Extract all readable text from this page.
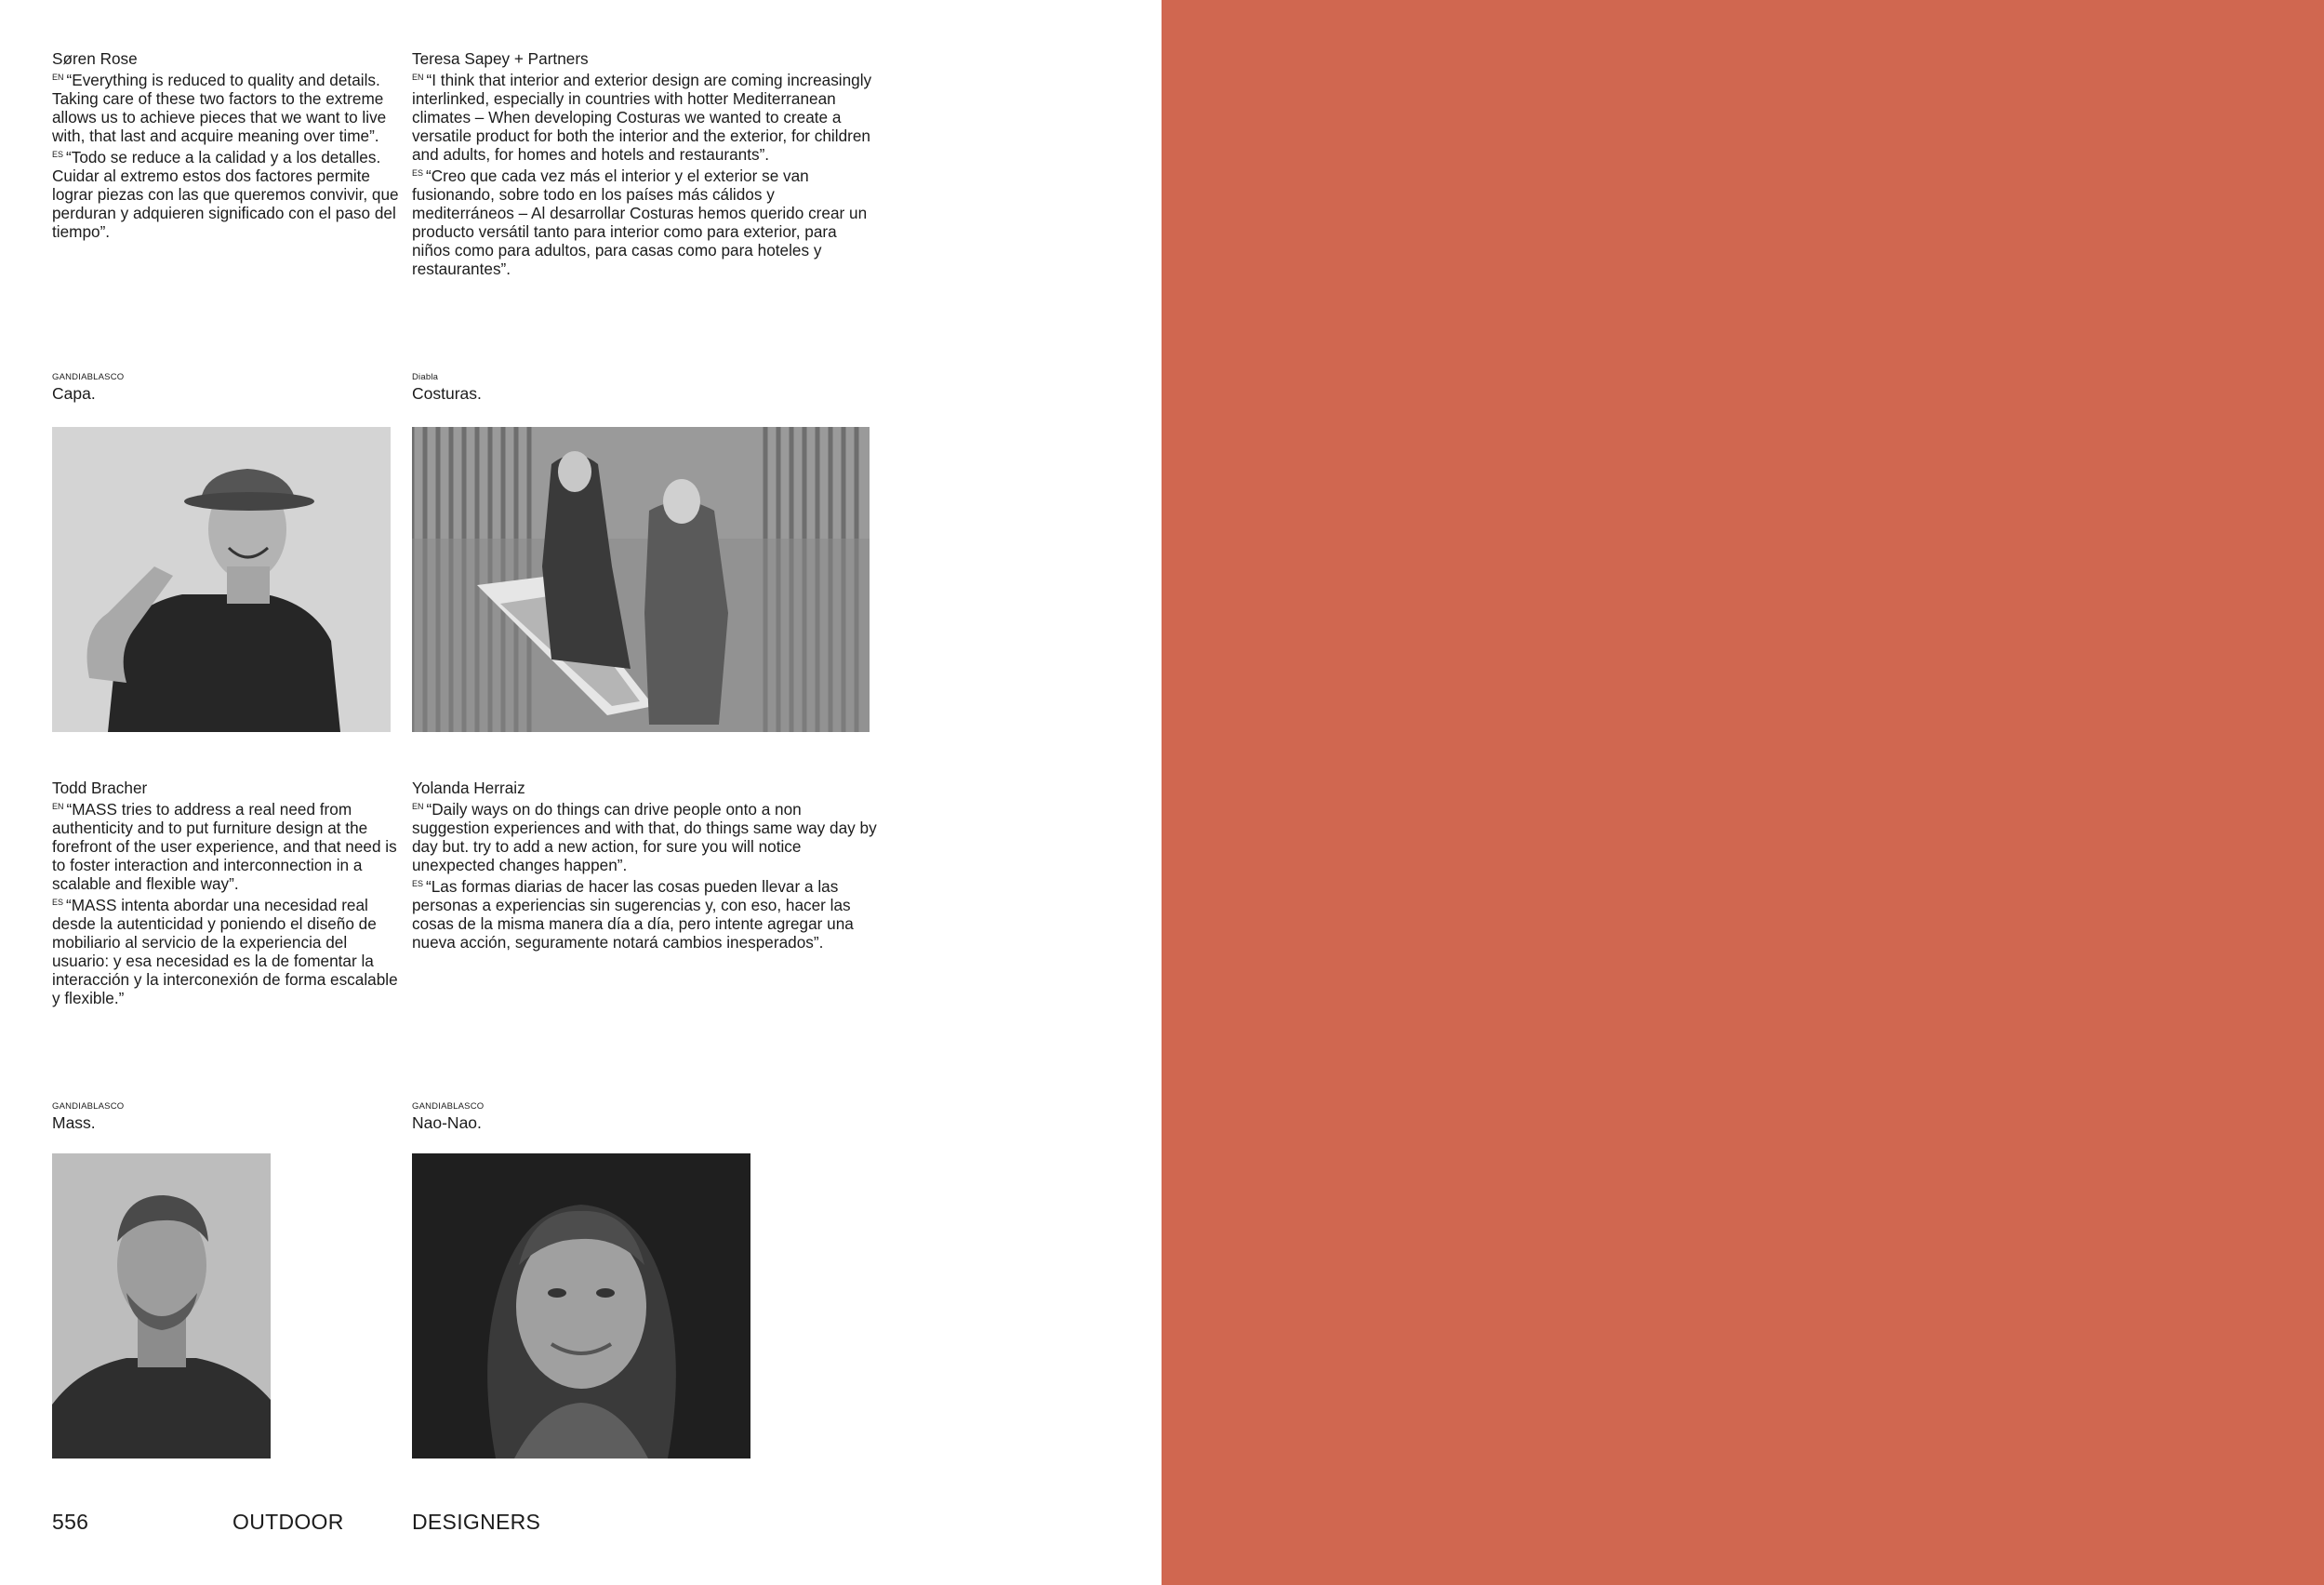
Søren Rose
$^{EN}$ “Everything is reduced to quality and details. Taking care of these two factors to the extreme allows us to achieve pieces that we want to live with, that last and acquire meaning over time”.
$^{ES}$ “Todo se reduce a la calidad y a los detalles. Cuidar al extremo estos dos factores permite lograr piezas con las que queremos convivir, que perduran y adquieren significado con el paso del tiempo”.
Teresa Sapey + Partners
$^{EN}$ “I think that interior and exterior design are coming increasingly interlinked, especially in countries with hotter Mediterranean climates – When developing Costuras we wanted to create a versatile product for both the interior and the exterior, for children and adults, for homes and hotels and restaurants”.
$^{ES}$ “Creo que cada vez más el interior y el exterior se van fusionando, sobre todo en los países más cálidos y mediterráneos – Al desarrollar Costuras hemos querido crear un producto versátil tanto para interior como para exterior, para niños como para adultos, para casas como para hoteles y restaurantes”.
GANDIABLASCO
Capa.
Diabla
Costuras.
Todd Bracher
$^{EN}$ “MASS tries to address a real need from authenticity and to put furniture design at the forefront of the user experience, and that need is to foster interaction and interconnection in a scalable and flexible way”.
$^{ES}$ “MASS intenta abordar una necesidad real desde la autenticidad y poniendo el diseño de mobiliario al servicio de la experiencia del usuario: y esa necesidad es la de fomentar la interacción y la interconexión de forma escalable y flexible.”
Yolanda Herraiz
$^{EN}$ “Daily ways on do things can drive people onto a non suggestion experiences and with that, do things same way day by day but. try to add a new action, for sure you will notice unexpected changes happen”.
$^{ES}$ “Las formas diarias de hacer las cosas pueden llevar a las personas a experiencias sin sugerencias y, con eso, hacer las cosas de la misma manera día a día, pero intente agregar una nueva acción, seguramente notará cambios inesperados”.
GANDIABLASCO
Mass.
GANDIABLASCO
Nao-Nao.
556	OUTDOOR	DESIGNERS
